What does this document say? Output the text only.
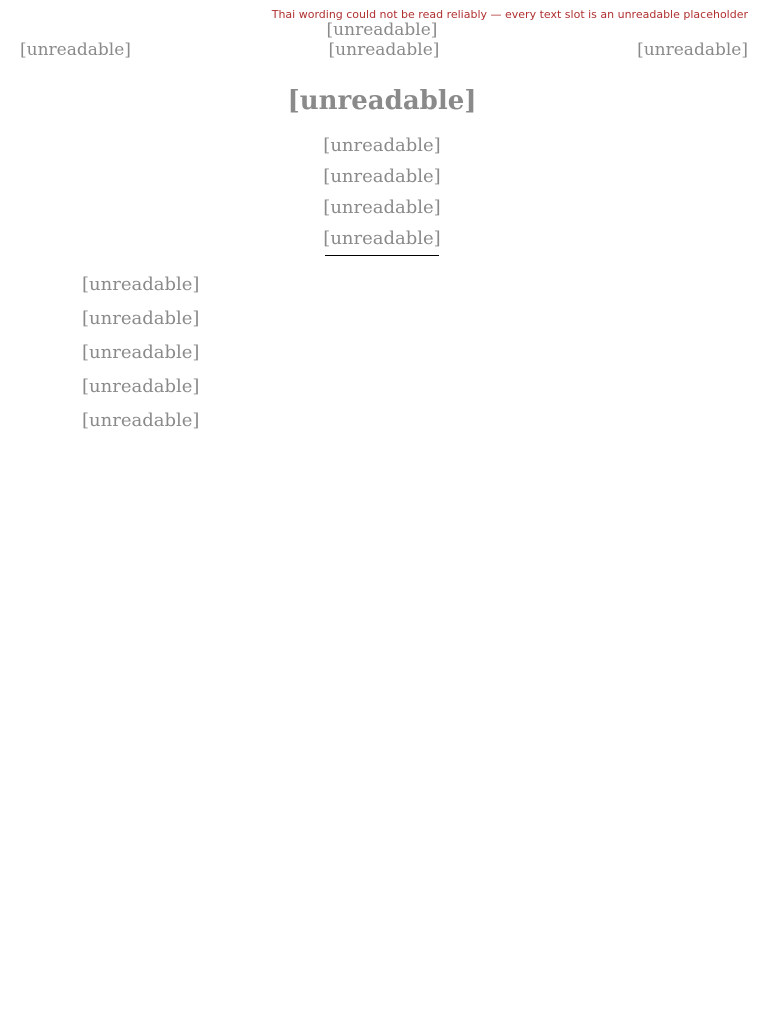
Thai wording could not be read reliably — every text slot is an unreadable placeholder
[unreadable]
[unreadable]	[unreadable]	[unreadable]
[unreadable]
[unreadable]
[unreadable]
[unreadable]
[unreadable]

[unreadable]

[unreadable]

[unreadable]

[unreadable]

[unreadable]
